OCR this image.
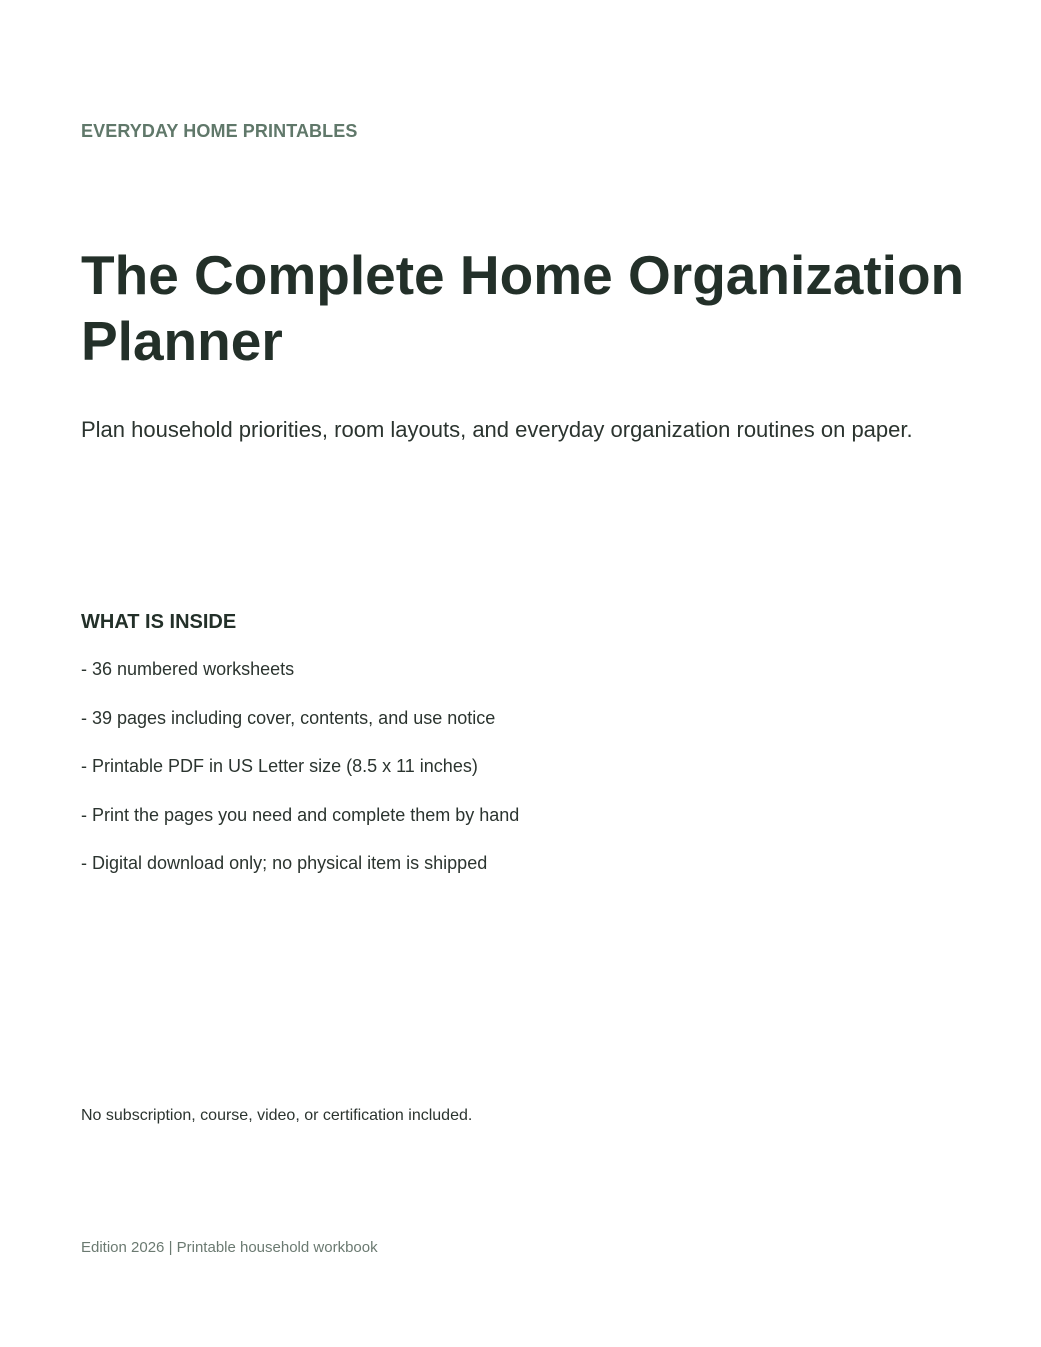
EVERYDAY HOME PRINTABLES
The Complete Home Organization
Planner
Plan household priorities, room layouts, and everyday organization routines on paper.
WHAT IS INSIDE
- 36 numbered worksheets
- 39 pages including cover, contents, and use notice
- Printable PDF in US Letter size (8.5 x 11 inches)
- Print the pages you need and complete them by hand
- Digital download only; no physical item is shipped
No subscription, course, video, or certification included.
Edition 2026 | Printable household workbook
